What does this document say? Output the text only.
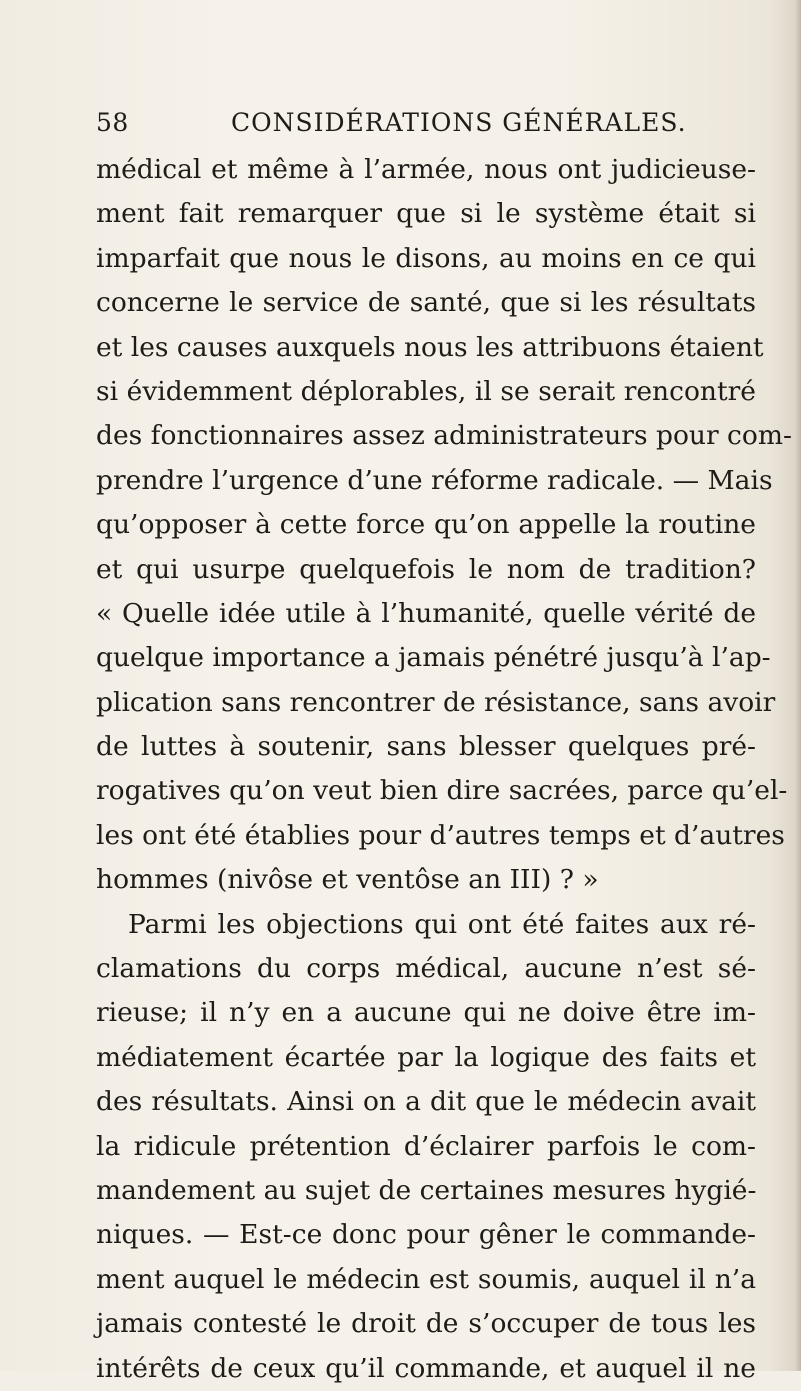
58	CONSIDÉRATIONS GÉNÉRALES.
médical et même à l’armée, nous ont judicieuse-
ment fait remarquer que si le système était si
imparfait que nous le disons, au moins en ce qui
concerne le service de santé, que si les résultats
et les causes auxquels nous les attribuons étaient
si évidemment déplorables, il se serait rencontré
des fonctionnaires assez administrateurs pour com-
prendre l’urgence d’une réforme radicale. — Mais
qu’opposer à cette force qu’on appelle la routine
et qui usurpe quelquefois le nom de tradition?
« Quelle idée utile à l’humanité, quelle vérité de
quelque importance a jamais pénétré jusqu’à l’ap-
plication sans rencontrer de résistance, sans avoir
de luttes à soutenir, sans blesser quelques pré-
rogatives qu’on veut bien dire sacrées, parce qu’el-
les ont été établies pour d’autres temps et d’autres
hommes (nivôse et ventôse an III) ? »
Parmi les objections qui ont été faites aux ré-
clamations du corps médical, aucune n’est sé-
rieuse; il n’y en a aucune qui ne doive être im-
médiatement écartée par la logique des faits et
des résultats. Ainsi on a dit que le médecin avait
la ridicule prétention d’éclairer parfois le com-
mandement au sujet de certaines mesures hygié-
niques. — Est-ce donc pour gêner le commande-
ment auquel le médecin est soumis, auquel il n’a
jamais contesté le droit de s’occuper de tous les
intérêts de ceux qu’il commande, et auquel il ne
